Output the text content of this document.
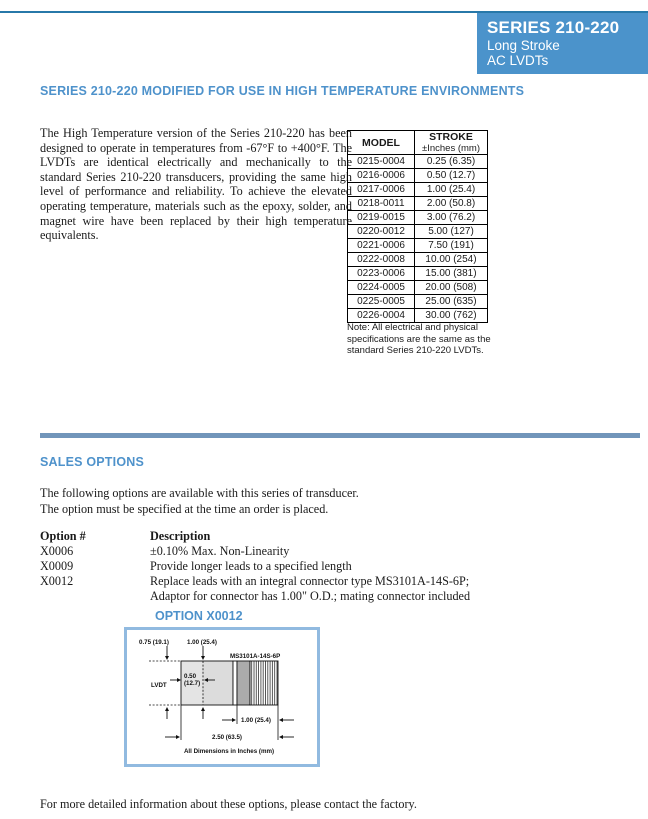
SERIES 210-220
Long Stroke
AC LVDTs
SERIES 210-220 MODIFIED FOR USE IN HIGH TEMPERATURE ENVIRONMENTS
The High Temperature version of the Series 210-220 has been designed to operate in temperatures from -67°F to +400°F. The LVDTs are identical electrically and mechanically to the standard Series 210-220 transducers, providing the same high level of performance and reliability. To achieve the elevated operating temperature, materials such as the epoxy, solder, and magnet wire have been replaced by their high temperature equivalents.
MODEL	STROKE
±Inches (mm)

0215-0004	0.25 (6.35)
0216-0006	0.50 (12.7)
0217-0006	1.00 (25.4)
0218-0011	2.00 (50.8)
0219-0015	3.00 (76.2)
0220-0012	5.00 (127)
0221-0006	7.50 (191)
0222-0008	10.00 (254)
0223-0006	15.00 (381)
0224-0005	20.00 (508)
0225-0005	25.00 (635)
0226-0004	30.00 (762)
Note: All electrical and physical specifications are the same as the standard Series 210-220 LVDTs.
SALES OPTIONS
The following options are available with this series of transducer.
The option must be specified at the time an order is placed.
Option #	Description
X0006	±0.10% Max. Non-Linearity
X0009	Provide longer leads to a specified length
X0012	Replace leads with an integral connector type MS3101A-14S-6P;
Adaptor for connector has 1.00" O.D.; mating connector included
OPTION X0012
0.75 (19.1)	1.00 (25.4)
MS3101A-14S-6P
0.50
(12.7)
LVDT
1.00 (25.4)
2.50 (63.5)
All Dimensions in Inches (mm)
For more detailed information about these options, please contact the factory.
